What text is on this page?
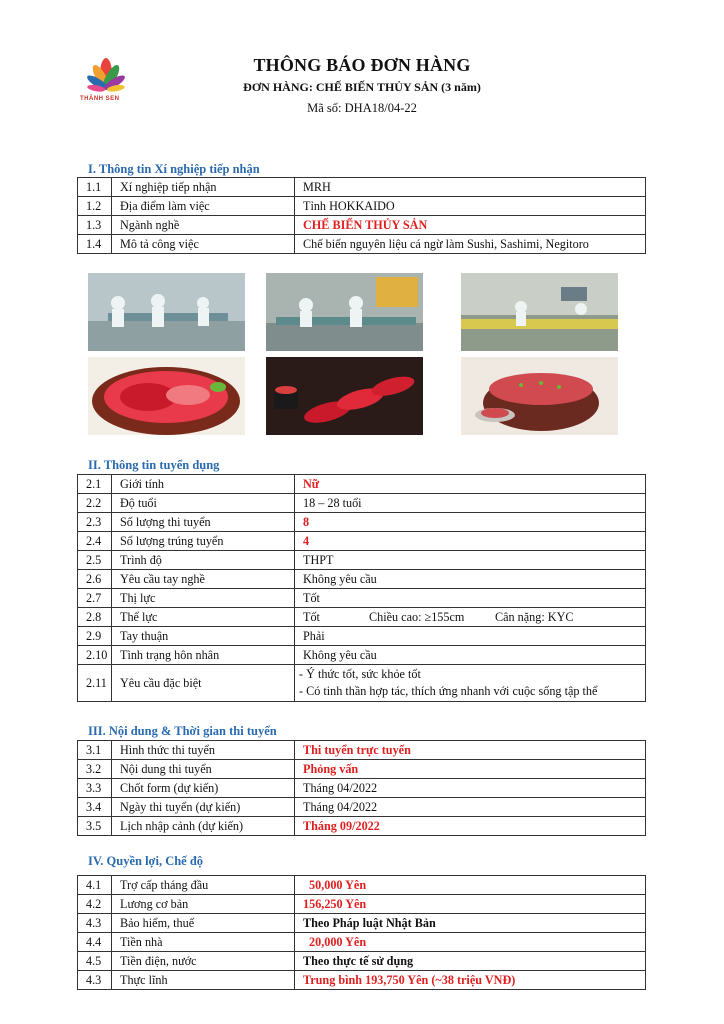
THÀNH SEN
THÔNG BÁO ĐƠN HÀNG
ĐƠN HÀNG: CHẾ BIẾN THỦY SẢN (3 năm)
Mã số: DHA18/04-22
I. Thông tin Xí nghiệp tiếp nhận
1.1	Xí nghiệp tiếp nhận	MRH
1.2	Địa điểm làm việc	Tỉnh HOKKAIDO
1.3	Ngành nghề	CHẾ BIẾN THỦY SẢN
1.4	Mô tả công việc	Chế biến nguyên liệu cá ngừ làm Sushi, Sashimi, Negitoro
II. Thông tin tuyển dụng
2.1	Giới tính	Nữ
2.2	Độ tuổi	18 – 28 tuổi
2.3	Số lượng thi tuyển	8
2.4	Số lượng trúng tuyển	4
2.5	Trình độ	THPT
2.6	Yêu cầu tay nghề	Không yêu cầu
2.7	Thị lực	Tốt
2.8	Thể lực	Tốt Chiều cao: ≥155cm Cân nặng: KYC
2.9	Tay thuận	Phải
2.10	Tình trạng hôn nhân	Không yêu cầu
2.11	Yêu cầu đặc biệt	- Ý thức tốt, sức khỏe tốt
- Có tinh thần hợp tác, thích ứng nhanh với cuộc sống tập thể
III. Nội dung & Thời gian thi tuyển
3.1	Hình thức thi tuyển	Thi tuyển trực tuyến
3.2	Nội dung thi tuyển	Phỏng vấn
3.3	Chốt form (dự kiến)	Tháng 04/2022
3.4	Ngày thi tuyển (dự kiến)	Tháng 04/2022
3.5	Lịch nhập cảnh (dự kiến)	Tháng 09/2022
IV. Quyền lợi, Chế độ
4.1	Trợ cấp tháng đầu	50,000 Yên
4.2	Lương cơ bản	156,250 Yên
4.3	Bảo hiểm, thuế	Theo Pháp luật Nhật Bản
4.4	Tiền nhà	20,000 Yên
4.5	Tiền điện, nước	Theo thực tế sử dụng
4.3	Thực lĩnh	Trung bình 193,750 Yên (~38 triệu VNĐ)
